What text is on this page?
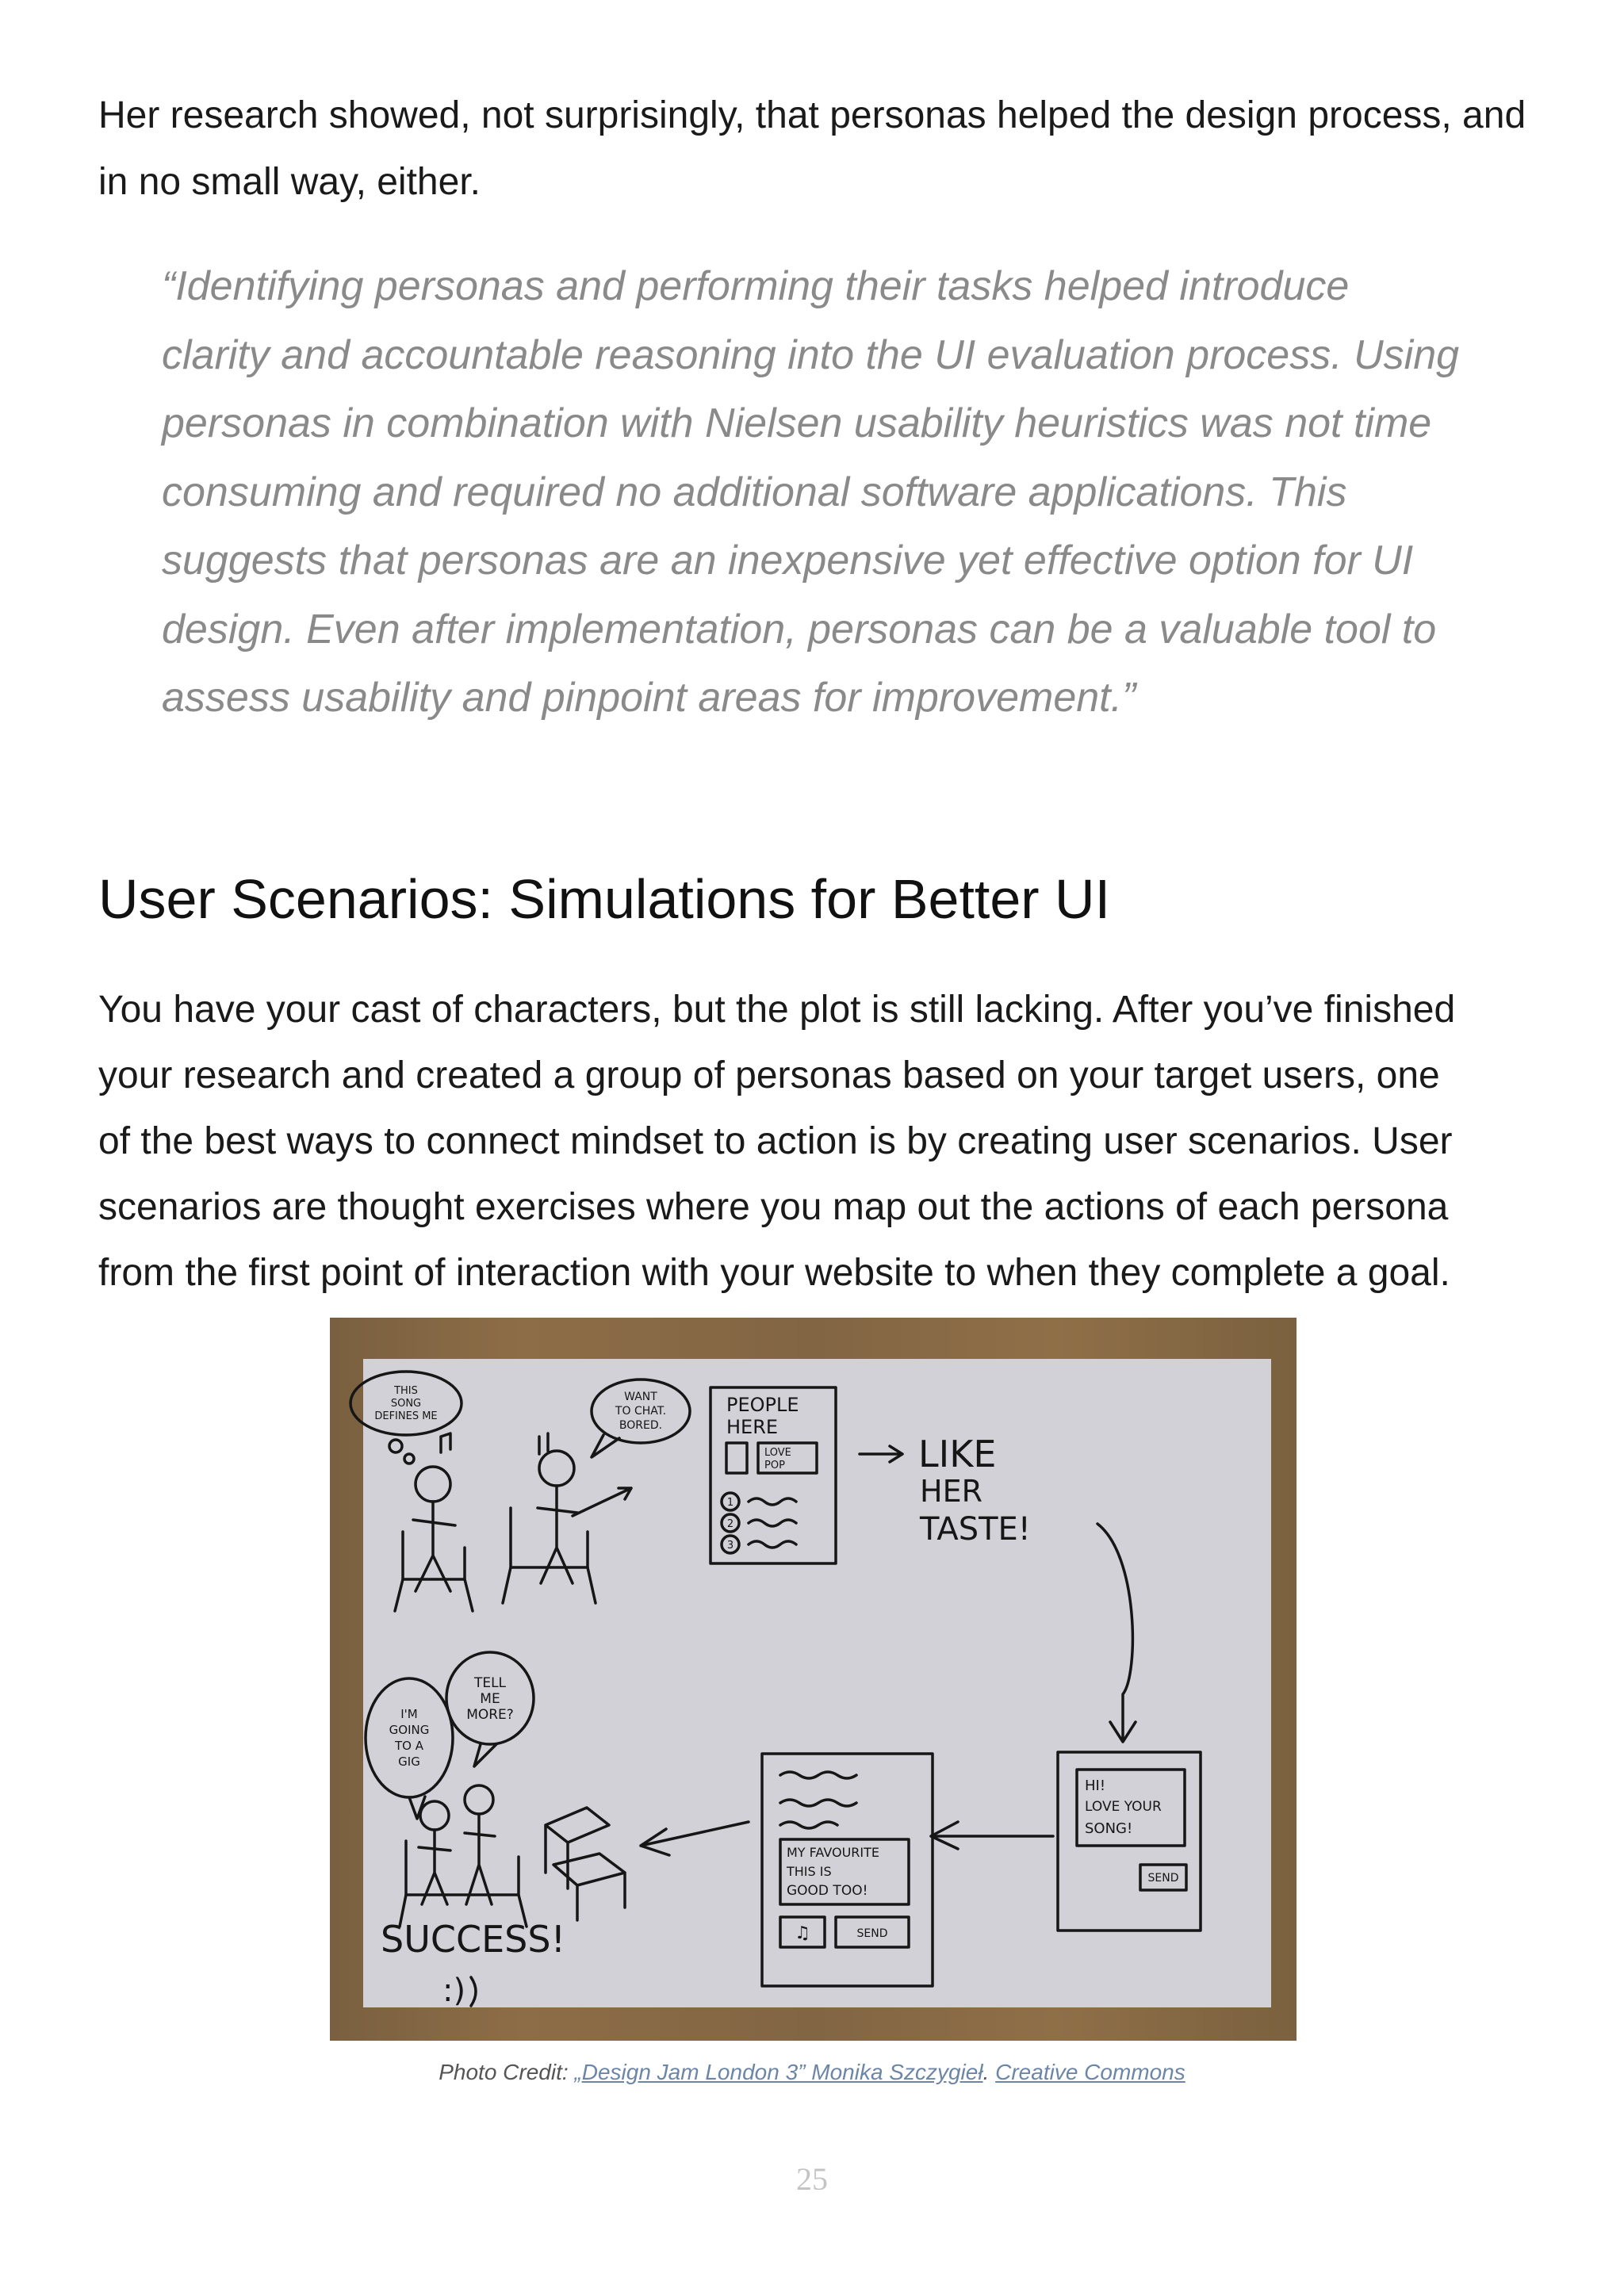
Her research showed, not surprisingly, that personas helped the design process, and in no small way, either.

“Identifying personas and performing their tasks helped introduce
clarity and accountable reasoning into the UI evaluation process. Using
personas in combination with Nielsen usability heuristics was not time
consuming and required no additional software applications. This
suggests that personas are an inexpensive yet effective option for UI
design. Even after implementation, personas can be a valuable tool to
assess usability and pinpoint areas for improvement.”
User Scenarios: Simulations for Better UI

You have your cast of characters, but the plot is still lacking. After you’ve finished
your research and created a group of personas based on your target users, one
of the best ways to connect mindset to action is by creating user scenarios. User
scenarios are thought exercises where you map out the actions of each persona
from the first point of interaction with your website to when they complete a goal.

THIS
SONG
DEFINES ME
WANT
TO CHAT.
BORED.
PEOPLE
HERE
LOVE
POP
1
2
3
LIKE
HER
TASTE!
HI!
LOVE YOUR
SONG!
SEND
MY FAVOURITE
THIS IS
GOOD TOO!
SEND
♫
I'M
GOING
TO A
GIG
TELL
ME
MORE?
SUCCESS!
:)
Photo Credit: „Design Jam London 3” Monika Szczygieł. Creative Commons
25
